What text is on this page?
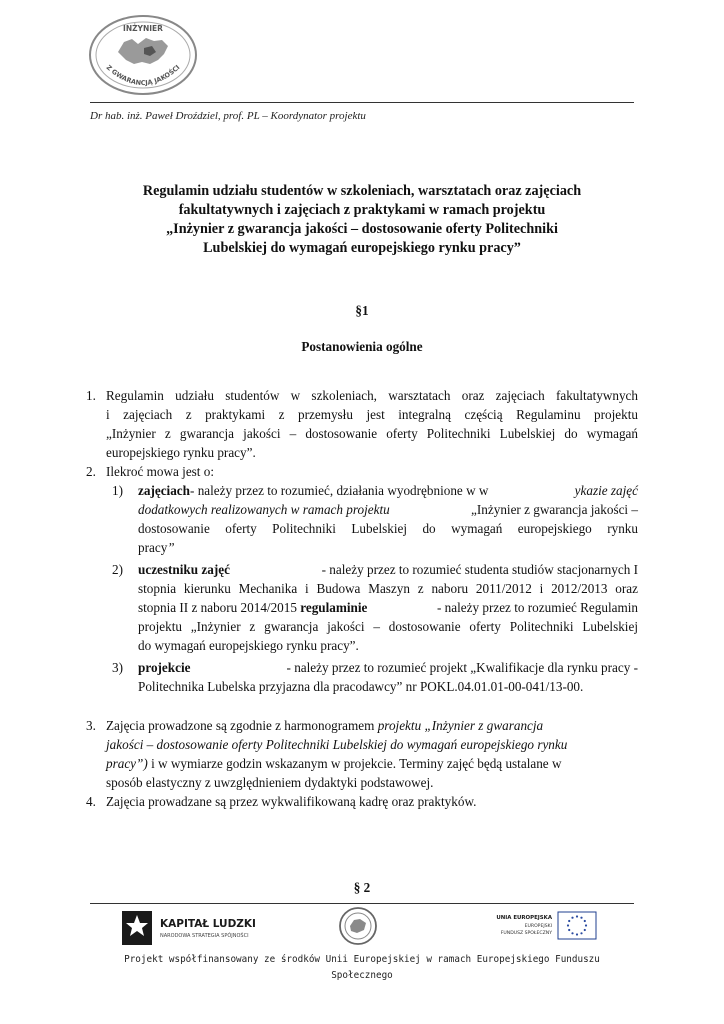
INŻYNIER
Z GWARANCJĄ JAKOŚCI
Dr hab. inż. Paweł Droździel, prof. PL – Koordynator projektu
Regulamin udziału studentów w szkoleniach, warsztatach oraz zajęciach
fakultatywnych i zajęciach z praktykami w ramach projektu
„Inżynier z gwarancja jakości – dostosowanie oferty Politechniki
Lubelskiej do wymagań europejskiego rynku pracy”
§1
Postanowienia ogólne
1. Regulamin udziału studentów w szkoleniach, warsztatach oraz zajęciach fakultatywnych
i zajęciach z praktykami z przemysłu jest integralną częścią Regulaminu projektu
„Inżynier z gwarancja jakości – dostosowanie oferty Politechniki Lubelskiej do wymagań
europejskiego rynku pracy”.
2. Ilekroć mowa jest o:
1) zajęciach- należy przez to rozumieć, działania wyodrębnione w w	ykazie zajęć
dodatkowych realizowanych w ramach projektu	„Inżynier z gwarancja jakości –
dostosowanie oferty Politechniki Lubelskiej do wymagań europejskiego rynku
pracy”
2) uczestniku zajęć	- należy przez to rozumieć studenta studiów stacjonarnych I
stopnia kierunku Mechanika i Budowa Maszyn z naboru 2011/2012 i 2012/2013 oraz
stopnia II z naboru 2014/2015 regulaminie	- należy przez to rozumieć Regulamin
projektu „Inżynier z gwarancja jakości – dostosowanie oferty Politechniki Lubelskiej
do wymagań europejskiego rynku pracy”.
3) projekcie	- należy przez to rozumieć projekt „Kwalifikacje dla rynku pracy -
Politechnika Lubelska przyjazna dla pracodawcy” nr POKL.04.01.01-00-041/13-00.
3. Zajęcia prowadzone są zgodnie z harmonogramem projektu „Inżynier z gwarancja
jakości – dostosowanie oferty Politechniki Lubelskiej do wymagań europejskiego rynku
pracy”) i w wymiarze godzin wskazanym w projekcie. Terminy zajęć będą ustalane w
sposób elastyczny z uwzględnieniem dydaktyki podstawowej.
4. Zajęcia prowadzane są przez wykwalifikowaną kadrę oraz praktyków.
§ 2
KAPITAŁ LUDZKI
NARODOWA STRATEGIA SPÓJNOŚCI
UNIA EUROPEJSKA
EUROPEJSKI
FUNDUSZ SPOŁECZNY
Projekt współfinansowany ze środków Unii Europejskiej w ramach Europejskiego Funduszu
Społecznego
